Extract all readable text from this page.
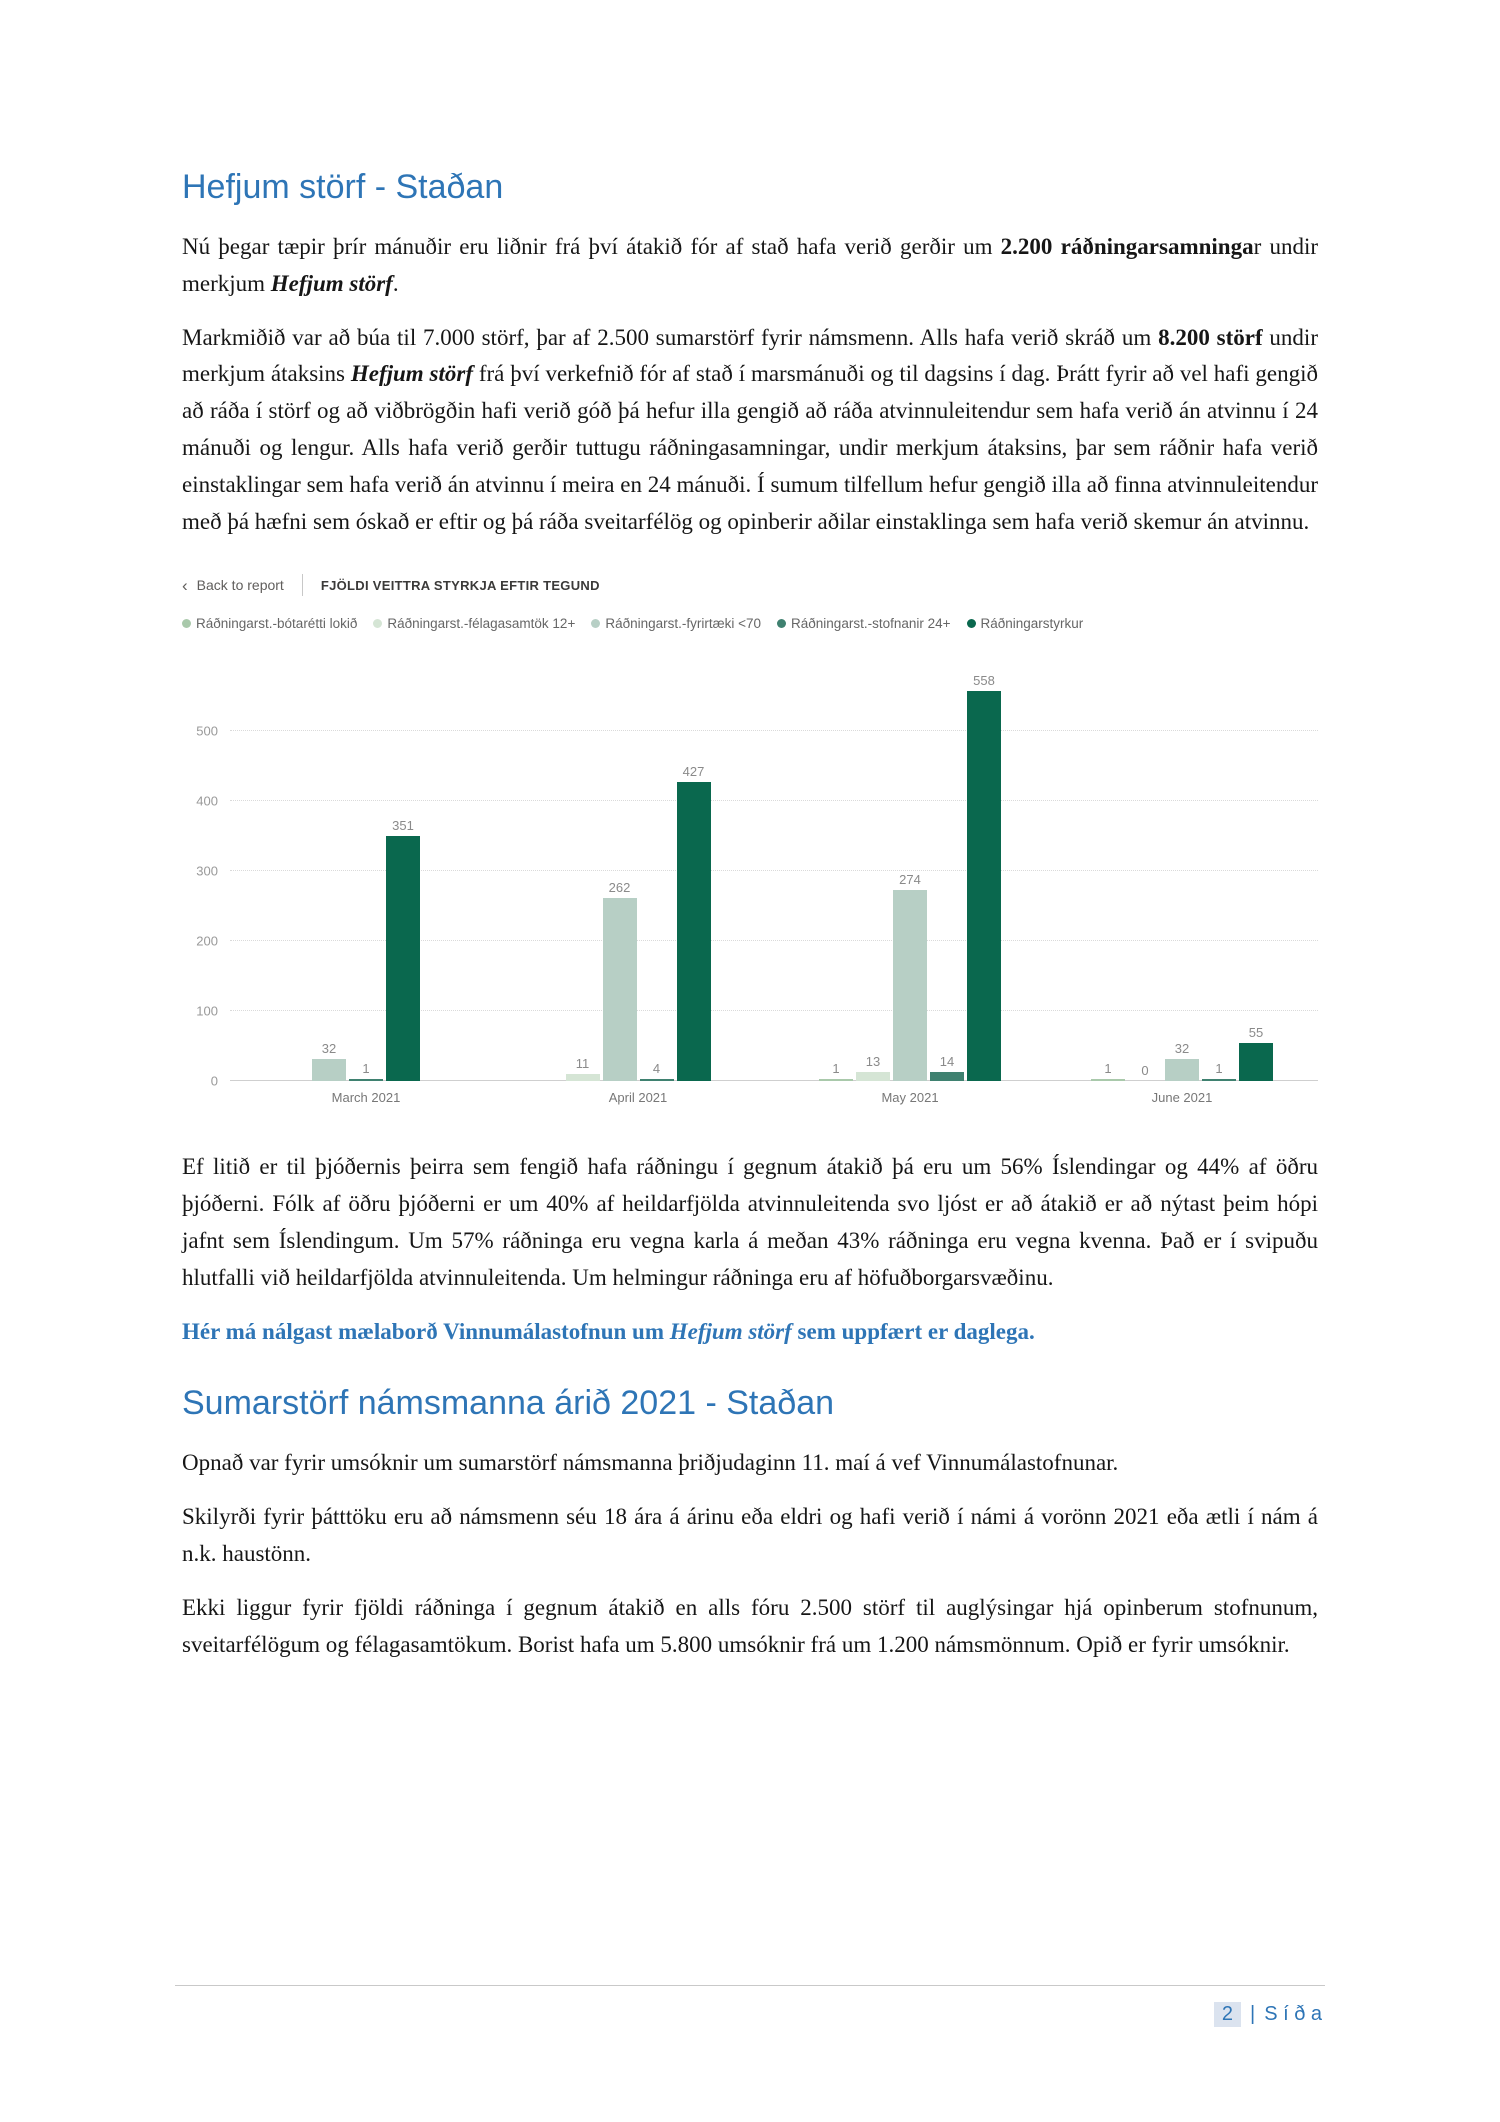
Hefjum störf - Staðan

Nú þegar tæpir þrír mánuðir eru liðnir frá því átakið fór af stað hafa verið gerðir um 2.200 ráðningarsamningar undir merkjum Hefjum störf.

Markmiðið var að búa til 7.000 störf, þar af 2.500 sumarstörf fyrir námsmenn. Alls hafa verið skráð um 8.200 störf undir merkjum átaksins Hefjum störf frá því verkefnið fór af stað í marsmánuði og til dagsins í dag. Þrátt fyrir að vel hafi gengið að ráða í störf og að viðbrögðin hafi verið góð þá hefur illa gengið að ráða atvinnuleitendur sem hafa verið án atvinnu í 24 mánuði og lengur. Alls hafa verið gerðir tuttugu ráðningasamningar, undir merkjum átaksins, þar sem ráðnir hafa verið einstaklingar sem hafa verið án atvinnu í meira en 24 mánuði. Í sumum tilfellum hefur gengið illa að finna atvinnuleitendur með þá hæfni sem óskað er eftir og þá ráða sveitarfélög og opinberir aðilar einstaklinga sem hafa verið skemur án atvinnu.

‹ Back to report	FJÖLDI VEITTRA STYRKJA EFTIR TEGUND
Ráðningarst.-bótarétti lokið Ráðningarst.-félagasamtök 12+ Ráðningarst.-fyrirtæki <70 Ráðningarst.-stofnanir 24+ Ráðningarstyrkur
0
100
200
300
400
500
32
1
351
11
262
4
427
1 13
274
14
558
1 0
32
1
55
March 2021	April 2021	May 2021	June 2021

Ef litið er til þjóðernis þeirra sem fengið hafa ráðningu í gegnum átakið þá eru um 56% Íslendingar og 44% af öðru þjóðerni. Fólk af öðru þjóðerni er um 40% af heildarfjölda atvinnuleitenda svo ljóst er að átakið er að nýtast þeim hópi jafnt sem Íslendingum. Um 57% ráðninga eru vegna karla á meðan 43% ráðninga eru vegna kvenna. Það er í svipuðu hlutfalli við heildarfjölda atvinnuleitenda. Um helmingur ráðninga eru af höfuðborgarsvæðinu.

Hér má nálgast mælaborð Vinnumálastofnun um Hefjum störf sem uppfært er daglega.

Sumarstörf námsmanna árið 2021 - Staðan

Opnað var fyrir umsóknir um sumarstörf námsmanna þriðjudaginn 11. maí á vef Vinnumálastofnunar.

Skilyrði fyrir þátttöku eru að námsmenn séu 18 ára á árinu eða eldri og hafi verið í námi á vorönn 2021 eða ætli í nám á n.k. haustönn.

Ekki liggur fyrir fjöldi ráðninga í gegnum átakið en alls fóru 2.500 störf til auglýsingar hjá opinberum stofnunum, sveitarfélögum og félagasamtökum. Borist hafa um 5.800 umsóknir frá um 1.200 námsmönnum. Opið er fyrir umsóknir.

2 | S í ð a
